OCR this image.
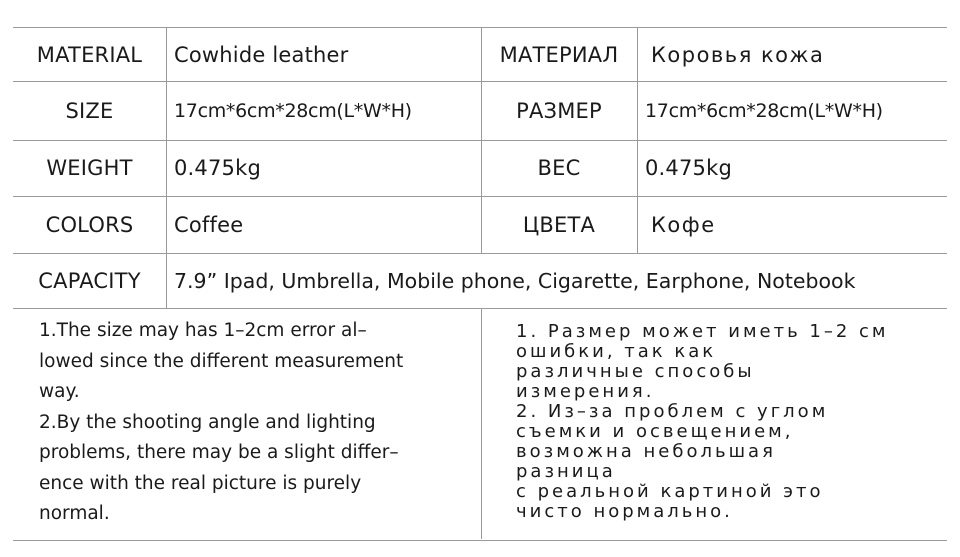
MATERIAL	Cowhide leather	МАТЕРИАЛ	Коровья кожа
SIZE	17cm*6cm*28cm(L*W*H)	РАЗМЕР	17cm*6cm*28cm(L*W*H)
WEIGHT	0.475kg	ВЕС	0.475kg
COLORS	Coffee	ЦВЕТА	Кофе
CAPACITY	7.9” Ipad, Umbrella, Mobile phone, Cigarette, Earphone, Notebook
1.The size may has 1–2cm error al–
lowed since the different measurement
way.
2.By the shooting angle and lighting
problems, there may be a slight differ–
ence with the real picture is purely
normal.
1. Размер может иметь 1–2 см
ошибки, так как
различные способы
измерения.
2. Из–за проблем с углом
съемки и освещением,
возможна небольшая
разница
с реальной картиной это
чисто нормально.
